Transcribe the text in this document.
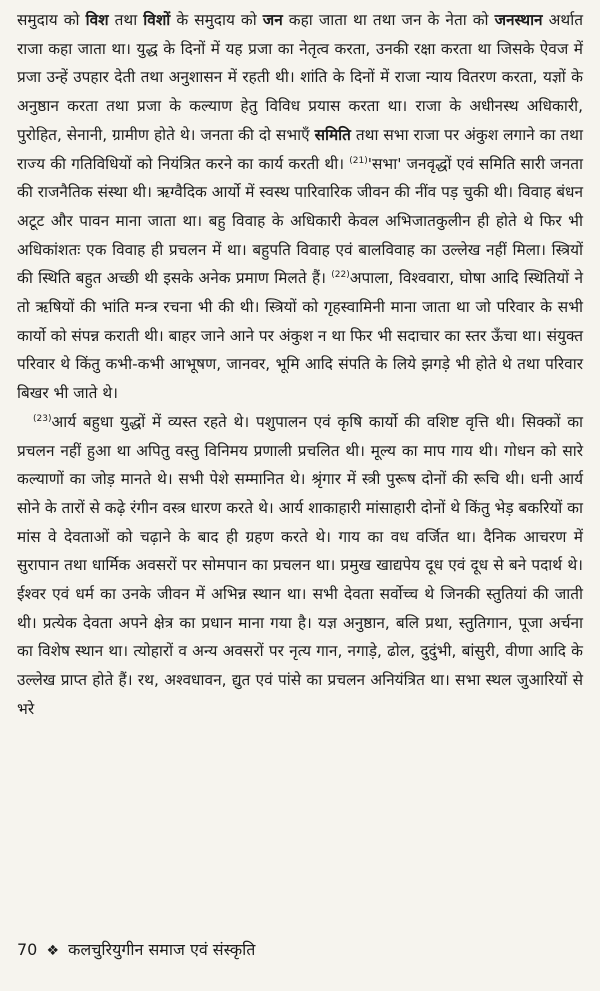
समुदाय को विश तथा विशों के समुदाय को जन कहा जाता था तथा जन के नेता को जनस्थान अर्थात राजा कहा जाता था। युद्ध के दिनों में यह प्रजा का नेतृत्व करता, उनकी रक्षा करता था जिसके ऐवज में प्रजा उन्हें उपहार देती तथा अनुशासन में रहती थी। शांति के दिनों में राजा न्याय वितरण करता, यज्ञों के अनुष्ठान करता तथा प्रजा के कल्याण हेतु विविध प्रयास करता था। राजा के अधीनस्थ अधिकारी, पुरोहित, सेनानी, ग्रामीण होते थे। जनता की दो सभाएँ समिति तथा सभा राजा पर अंकुश लगाने का तथा राज्य की गतिविधियों को नियंत्रित करने का कार्य करती थी। $^{(21)}$'सभा' जनवृद्धों एवं समिति सारी जनता की राजनैतिक संस्था थी। ऋग्वैदिक आर्यो में स्वस्थ पारिवारिक जीवन की नींव पड़ चुकी थी। विवाह बंधन अटूट और पावन माना जाता था। बहु विवाह के अधिकारी केवल अभिजातकुलीन ही होते थे फिर भी अधिकांशतः एक विवाह ही प्रचलन में था। बहुपति विवाह एवं बालविवाह का उल्लेख नहीं मिला। स्त्रियों की स्थिति बहुत अच्छी थी इसके अनेक प्रमाण मिलते हैं। $^{(22)}$अपाला, विश्ववारा, घोषा आदि स्थितियों ने तो ऋषियों की भांति मन्त्र रचना भी की थी। स्त्रियों को गृहस्वामिनी माना जाता था जो परिवार के सभी कार्यो को संपन्न कराती थी। बाहर जाने आने पर अंकुश न था फिर भी सदाचार का स्तर ऊँचा था। संयुक्त परिवार थे किंतु कभी-कभी आभूषण, जानवर, भूमि आदि संपति के लिये झगड़े भी होते थे तथा परिवार बिखर भी जाते थे।

$^{(23)}$आर्य बहुधा युद्धों में व्यस्त रहते थे। पशुपालन एवं कृषि कार्यो की वशिष्ट वृत्ति थी। सिक्कों का प्रचलन नहीं हुआ था अपितु वस्तु विनिमय प्रणाली प्रचलित थी। मूल्य का माप गाय थी। गोधन को सारे कल्याणों का जोड़ मानते थे। सभी पेशे सम्मानित थे। श्रृंगार में स्त्री पुरूष दोनों की रूचि थी। धनी आर्य सोने के तारों से कढ़े रंगीन वस्त्र धारण करते थे। आर्य शाकाहारी मांसाहारी दोनों थे किंतु भेड़ बकरियों का मांस वे देवताओं को चढ़ाने के बाद ही ग्रहण करते थे। गाय का वध वर्जित था। दैनिक आचरण में सुरापान तथा धार्मिक अवसरों पर सोमपान का प्रचलन था। प्रमुख खाद्यपेय दूध एवं दूध से बने पदार्थ थे। ईश्वर एवं धर्म का उनके जीवन में अभिन्न स्थान था। सभी देवता सर्वोच्च थे जिनकी स्तुतियां की जाती थी। प्रत्येक देवता अपने क्षेत्र का प्रधान माना गया है। यज्ञ अनुष्ठान, बलि प्रथा, स्तुतिगान, पूजा अर्चना का विशेष स्थान था। त्योहारों व अन्य अवसरों पर नृत्य गान, नगाड़े, ढोल, दुदुंभी, बांसुरी, वीणा आदि के उल्लेख प्राप्त होते हैं। रथ, अश्वधावन, द्युत एवं पांसे का प्रचलन अनियंत्रित था। सभा स्थल जुआरियों से भरे

70 ❖ कलचुरियुगीन समाज एवं संस्कृति
